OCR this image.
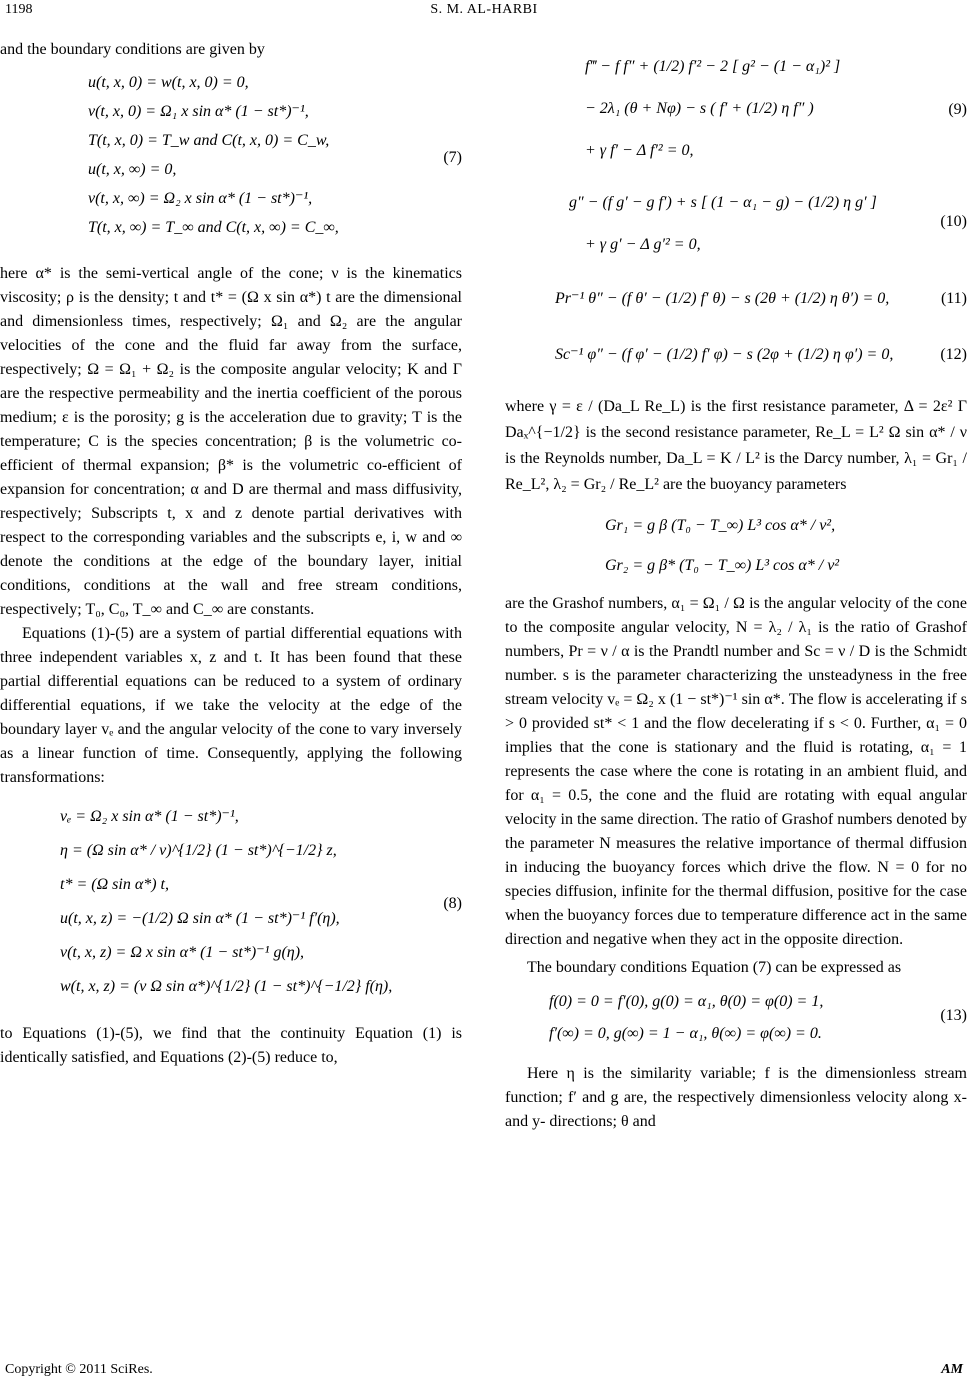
1198	S. M. AL-HARBI

and the boundary conditions are given by

u(t, x, 0) = w(t, x, 0) = 0,
v(t, x, 0) = Ω₁ x sin α* (1 − st*)⁻¹,
T(t, x, 0) = T_w and C(t, x, 0) = C_w,
u(t, x, ∞) = 0,
v(t, x, ∞) = Ω₂ x sin α* (1 − st*)⁻¹,
T(t, x, ∞) = T_∞ and C(t, x, ∞) = C_∞,
(7)

here α* is the semi-vertical angle of the cone; ν is the kinematics viscosity; ρ is the density; t and t* = (Ω x sin α*) t are the dimensional and dimensionless times, respectively; Ω₁ and Ω₂ are the angular velocities of the cone and the fluid far away from the surface, respectively; Ω = Ω₁ + Ω₂ is the composite angular velocity; K and Γ are the respective permeability and the inertia coefficient of the porous medium; ε is the porosity; g is the acceleration due to gravity; T is the temperature; C is the species concentration; β is the volumetric co-efficient of thermal expansion; β* is the volumetric co-efficient of expansion for concentration; α and D are thermal and mass diffusivity, respectively; Subscripts t, x and z denote partial derivatives with respect to the corresponding variables and the subscripts e, i, w and ∞ denote the conditions at the edge of the boundary layer, initial conditions, conditions at the wall and free stream conditions, respectively; T₀, C₀, T_∞ and C_∞ are constants.

Equations (1)-(5) are a system of partial differential equations with three independent variables x, z and t. It has been found that these partial differential equations can be reduced to a system of ordinary differential equations, if we take the velocity at the edge of the boundary layer vₑ and the angular velocity of the cone to vary inversely as a linear function of time. Consequently, applying the following transformations:

vₑ = Ω₂ x sin α* (1 − st*)⁻¹,
η = (Ω sin α* / ν)^{1/2} (1 − st*)^{−1/2} z,
t* = (Ω sin α*) t,
u(t, x, z) = −(1/2) Ω sin α* (1 − st*)⁻¹ f′(η),
v(t, x, z) = Ω x sin α* (1 − st*)⁻¹ g(η),
w(t, x, z) = (ν Ω sin α*)^{1/2} (1 − st*)^{−1/2} f(η),
(8)

to Equations (1)-(5), we find that the continuity Equation (1) is identically satisfied, and Equations (2)-(5) reduce to,

f‴ − f f″ + (1/2) f′² − 2 [ g² − (1 − α₁)² ]
− 2λ₁ (θ + Nφ) − s ( f′ + (1/2) η f″ )
+ γ f′ − Δ f′² = 0,
(9)
g″ − (f g′ − g f′) + s [ (1 − α₁ − g) − (1/2) η g′ ]
+ γ g′ − Δ g′² = 0,
(10)
Pr⁻¹ θ″ − (f θ′ − (1/2) f′ θ) − s (2θ + (1/2) η θ′) = 0,	(11)
Sc⁻¹ φ″ − (f φ′ − (1/2) f′ φ) − s (2φ + (1/2) η φ′) = 0,	(12)

where γ = ε / (Da_L Re_L) is the first resistance parameter, Δ = 2ε² Γ Daₓ^{−1/2} is the second resistance parameter, Re_L = L² Ω sin α* / ν is the Reynolds number, Da_L = K / L² is the Darcy number, λ₁ = Gr₁ / Re_L², λ₂ = Gr₂ / Re_L² are the buoyancy parameters

Gr₁ = g β (T₀ − T_∞) L³ cos α* / ν²,
Gr₂ = g β* (T₀ − T_∞) L³ cos α* / ν²

are the Grashof numbers, α₁ = Ω₁ / Ω is the angular velocity of the cone to the composite angular velocity, N = λ₂ / λ₁ is the ratio of Grashof numbers, Pr = ν / α is the Prandtl number and Sc = ν / D is the Schmidt number. s is the parameter characterizing the unsteadyness in the free stream velocity vₑ = Ω₂ x (1 − st*)⁻¹ sin α*. The flow is accelerating if s > 0 provided st* < 1 and the flow decelerating if s < 0. Further, α₁ = 0 implies that the cone is stationary and the fluid is rotating, α₁ = 1 represents the case where the cone is rotating in an ambient fluid, and for α₁ = 0.5, the cone and the fluid are rotating with equal angular velocity in the same direction. The ratio of Grashof numbers denoted by the parameter N measures the relative importance of thermal diffusion in inducing the buoyancy forces which drive the flow. N = 0 for no species diffusion, infinite for the thermal diffusion, positive for the case when the buoyancy forces due to temperature difference act in the same direction and negative when they act in the opposite direction.

The boundary conditions Equation (7) can be expressed as

f(0) = 0 = f′(0), g(0) = α₁, θ(0) = φ(0) = 1,
f′(∞) = 0, g(∞) = 1 − α₁, θ(∞) = φ(∞) = 0.
(13)

Here η is the similarity variable; f is the dimensionless stream function; f′ and g are, the respectively dimensionless velocity along x- and y- directions; θ and

Copyright © 2011 SciRes.	AM
